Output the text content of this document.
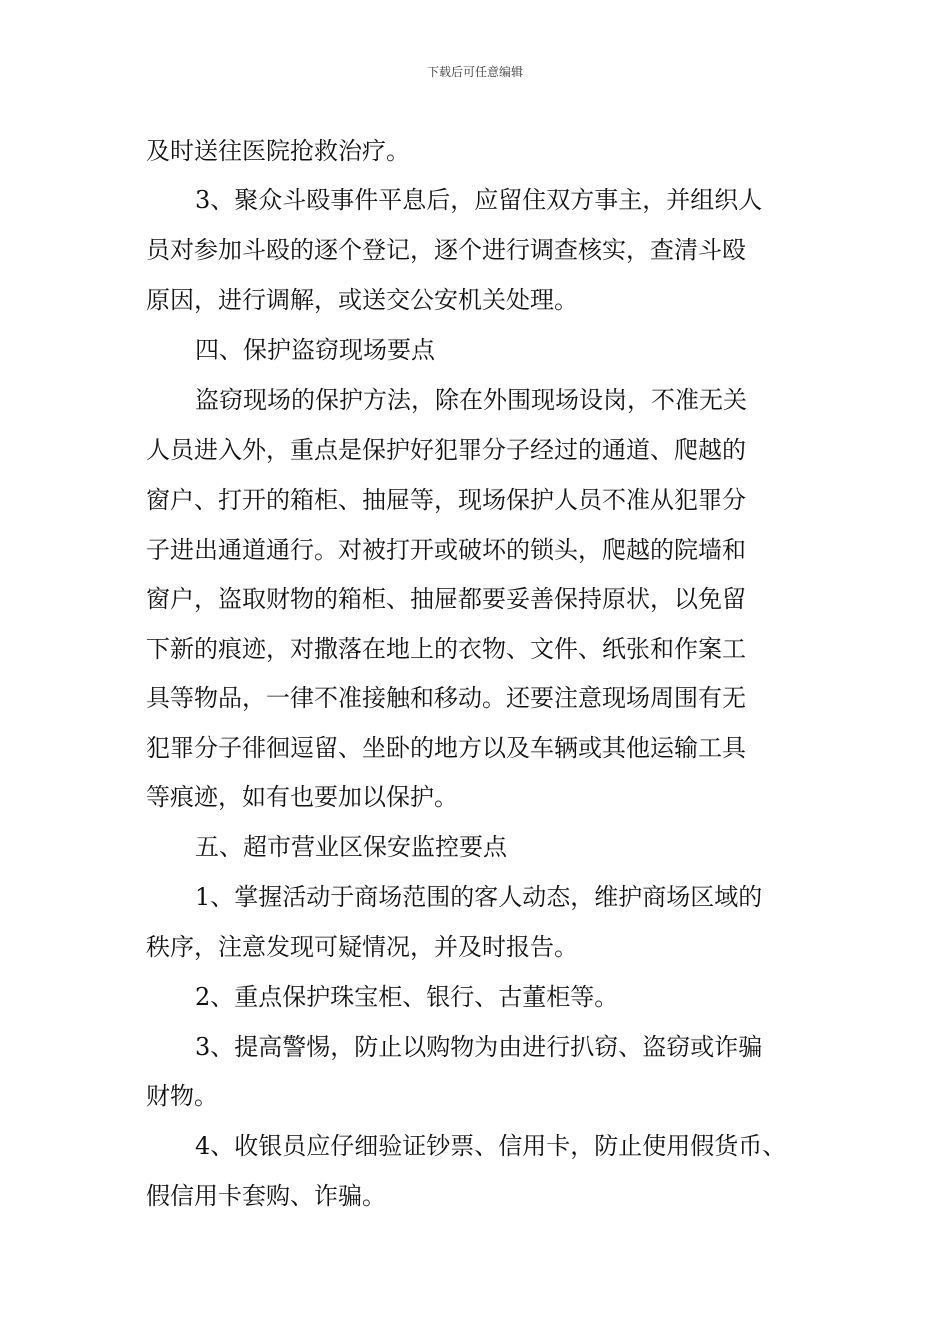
下载后可任意编辑
及时送往医院抢救治疗。
3、聚众斗殴事件平息后，应留住双方事主，并组织人
员对参加斗殴的逐个登记，逐个进行调查核实，查清斗殴
原因，进行调解，或送交公安机关处理。
四、保护盗窃现场要点
盗窃现场的保护方法，除在外围现场设岗，不准无关
人员进入外，重点是保护好犯罪分子经过的通道、爬越的
窗户、打开的箱柜、抽屉等，现场保护人员不准从犯罪分
子进出通道通行。对被打开或破坏的锁头，爬越的院墙和
窗户，盗取财物的箱柜、抽屉都要妥善保持原状，以免留
下新的痕迹，对撒落在地上的衣物、文件、纸张和作案工
具等物品，一律不准接触和移动。还要注意现场周围有无
犯罪分子徘徊逗留、坐卧的地方以及车辆或其他运输工具
等痕迹，如有也要加以保护。
五、超市营业区保安监控要点
1、掌握活动于商场范围的客人动态，维护商场区域的
秩序，注意发现可疑情况，并及时报告。
2、重点保护珠宝柜、银行、古董柜等。
3、提高警惕，防止以购物为由进行扒窃、盗窃或诈骗
财物。
4、收银员应仔细验证钞票、信用卡，防止使用假货币、
假信用卡套购、诈骗。
